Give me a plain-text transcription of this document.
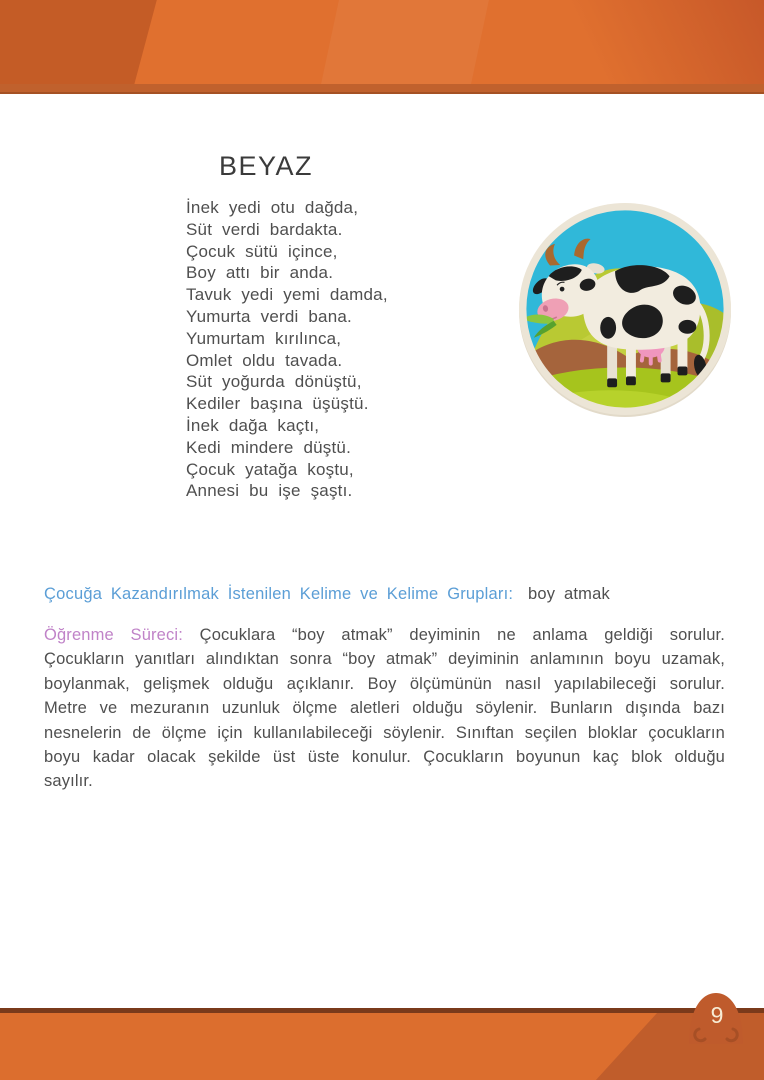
BEYAZ
İnek yedi otu dağda,
Süt verdi bardakta.
Çocuk sütü içince,
Boy attı bir anda.
Tavuk yedi yemi damda,
Yumurta verdi bana.
Yumurtam kırılınca,
Omlet oldu tavada.
Süt yoğurda dönüştü,
Kediler başına üşüştü.
İnek dağa kaçtı,
Kedi mindere düştü.
Çocuk yatağa koştu,
Annesi bu işe şaştı.

Çocuğa Kazandırılmak İstenilen Kelime ve Kelime Grupları: boy atmak

Öğrenme Süreci: Çocuklara “boy atmak” deyiminin ne anlama geldiği sorulur. Çocukların yanıtları alındıktan sonra “boy atmak” deyiminin anlamının boyu uzamak, boylanmak, gelişmek olduğu açıklanır. Boy ölçümünün nasıl yapılabileceği sorulur. Metre ve mezuranın uzunluk ölçme aletleri olduğu söylenir. Bunların dışında bazı nesnelerin de ölçme için kullanılabileceği söylenir. Sınıftan seçilen bloklar çocukların boyu kadar olacak şekilde üst üste konulur. Çocukların boyunun kaç blok olduğu sayılır.

9
